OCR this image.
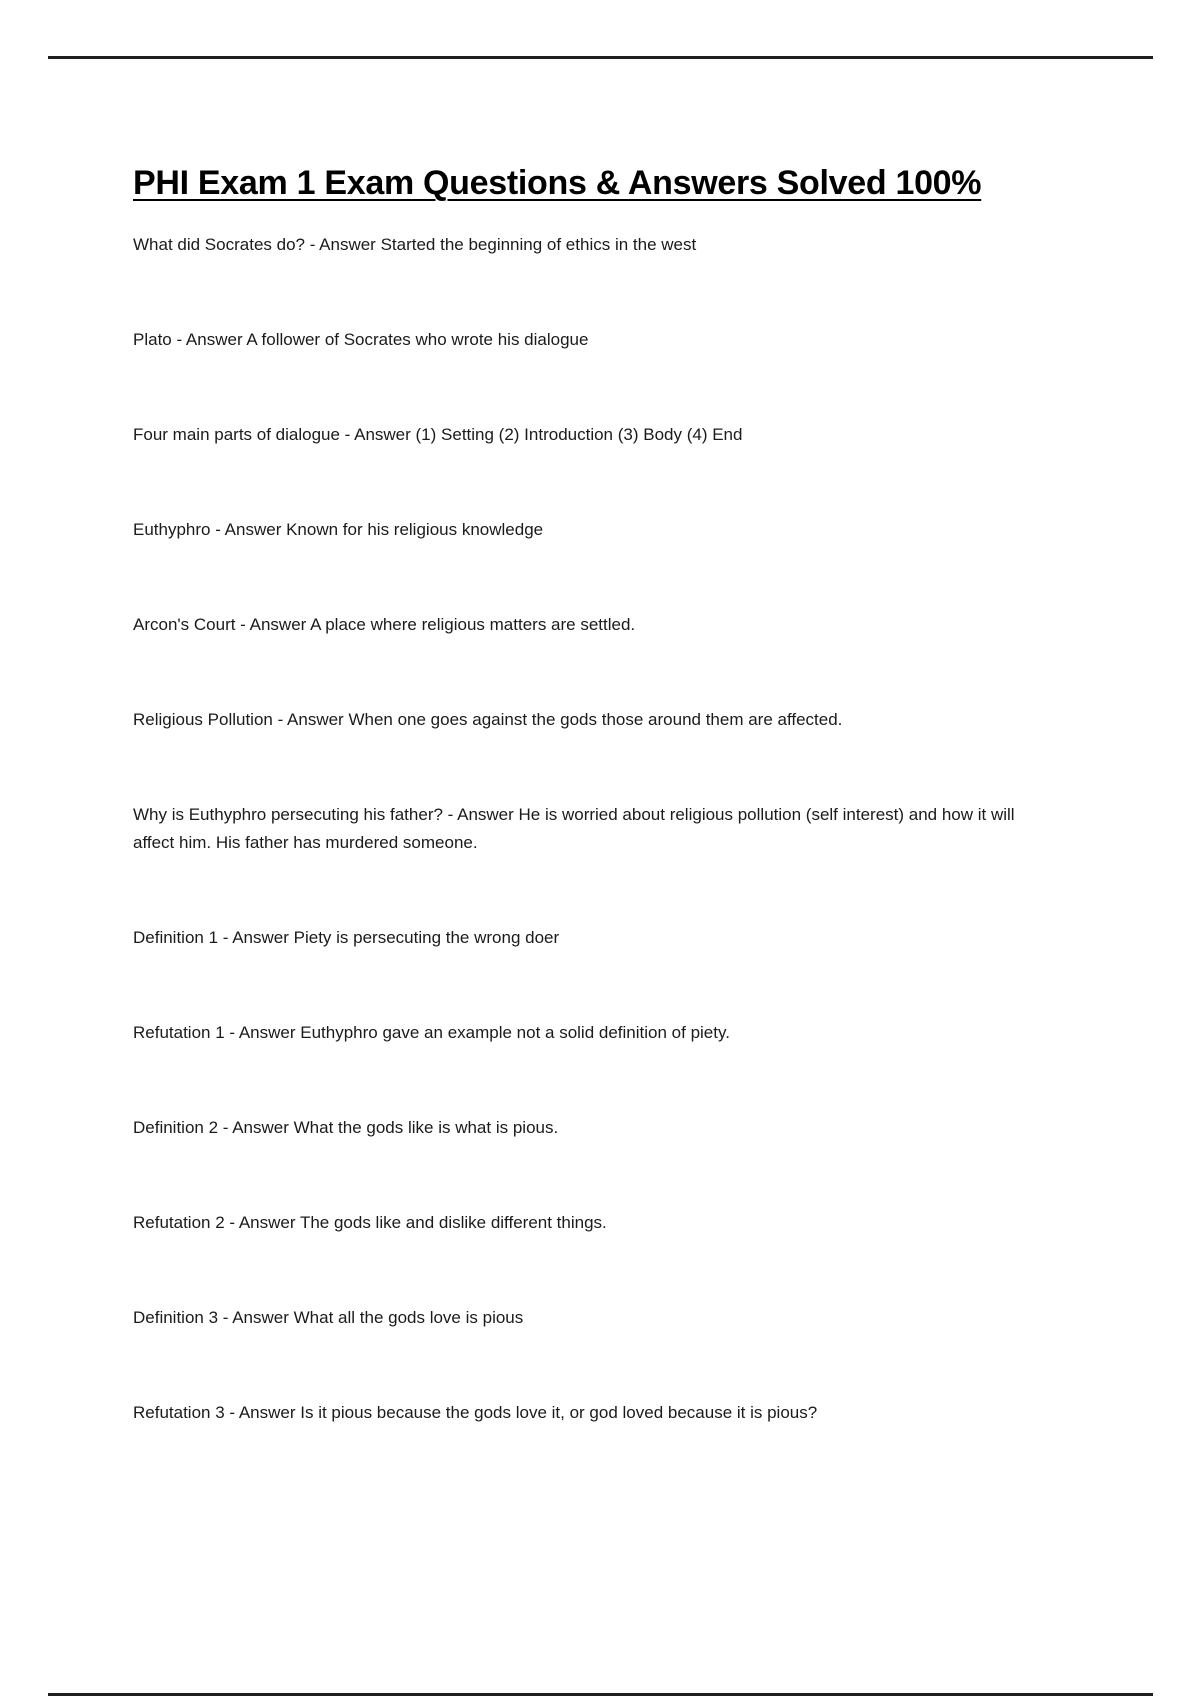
PHI Exam 1 Exam Questions & Answers Solved 100%

What did Socrates do? - Answer Started the beginning of ethics in the west

Plato - Answer A follower of Socrates who wrote his dialogue

Four main parts of dialogue - Answer (1) Setting (2) Introduction (3) Body (4) End

Euthyphro - Answer Known for his religious knowledge

Arcon's Court - Answer A place where religious matters are settled.

Religious Pollution - Answer When one goes against the gods those around them are affected.

Why is Euthyphro persecuting his father? - Answer He is worried about religious pollution (self interest) and how it will affect him. His father has murdered someone.

Definition 1 - Answer Piety is persecuting the wrong doer

Refutation 1 - Answer Euthyphro gave an example not a solid definition of piety.

Definition 2 - Answer What the gods like is what is pious.

Refutation 2 - Answer The gods like and dislike different things.

Definition 3 - Answer What all the gods love is pious

Refutation 3 - Answer Is it pious because the gods love it, or god loved because it is pious?
